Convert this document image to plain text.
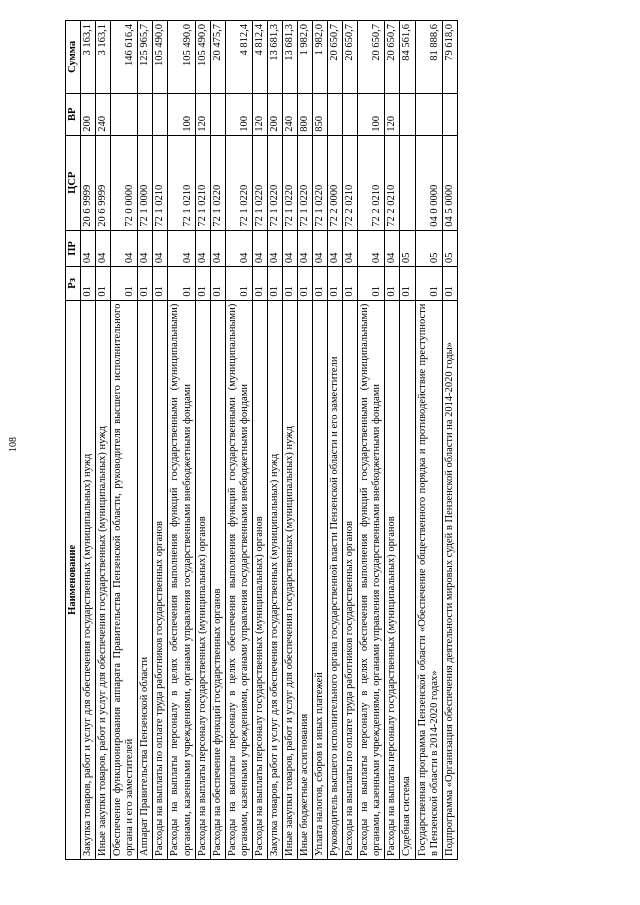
108
Наименование	Рз	ПР	ЦСР	ВР	Сумма
Закупка товаров, работ и услуг для обеспечения государственных (муниципальных) нужд	01	04	20 6 9999	200	3 163,1
Иные закупки товаров, работ и услуг для обеспечения государственных (муниципальных) нужд	01	04	20 6 9999	240	3 163,1
Обеспечение функционирования аппарата Правительства Пензенской области, руководителя высшего исполнительного органа и его заместителей	01	04	72 0 0000		146 616,4
Аппарат Правительства Пензенской области	01	04	72 1 0000		125 965,7
Расходы на выплаты по оплате труда работников государственных органов	01	04	72 1 0210		105 490,0
Расходы на выплаты персоналу в целях обеспечения выполнения функций государственными (муниципальными) органами, казенными учреждениями, органами управления государственными внебюджетными фондами	01	04	72 1 0210	100	105 490,0
Расходы на выплаты персоналу государственных (муниципальных) органов	01	04	72 1 0210	120	105 490,0
Расходы на обеспечение функций государственных органов	01	04	72 1 0220		20 475,7
Расходы на выплаты персоналу в целях обеспечения выполнения функций государственными (муниципальными) органами, казенными учреждениями, органами управления государственными внебюджетными фондами	01	04	72 1 0220	100	4 812,4
Расходы на выплаты персоналу государственных (муниципальных) органов	01	04	72 1 0220	120	4 812,4
Закупка товаров, работ и услуг для обеспечения государственных (муниципальных) нужд	01	04	72 1 0220	200	13 681,3
Иные закупки товаров, работ и услуг для обеспечения государственных (муниципальных) нужд	01	04	72 1 0220	240	13 681,3
Иные бюджетные ассигнования	01	04	72 1 0220	800	1 982,0
Уплата налогов, сборов и иных платежей	01	04	72 1 0220	850	1 982,0
Руководитель высшего исполнительного органа государственной власти Пензенской области и его заместители	01	04	72 2 0000		20 650,7
Расходы на выплаты по оплате труда работников государственных органов	01	04	72 2 0210		20 650,7
Расходы на выплаты персоналу в целях обеспечения выполнения функций государственными (муниципальными) органами, казенными учреждениями, органами управления государственными внебюджетными фондами	01	04	72 2 0210	100	20 650,7
Расходы на выплаты персоналу государственных (муниципальных) органов	01	04	72 2 0210	120	20 650,7
Судебная система	01	05			84 561,6
Государственная программа Пензенской области «Обеспечение общественного порядка и противодействие преступности в Пензенской области в 2014-2020 годах»	01	05	04 0 0000		81 888,6
Подпрограмма «Организация обеспечения деятельности мировых судей в Пензенской области на 2014-2020 годы»	01	05	04 5 0000		79 618,0
